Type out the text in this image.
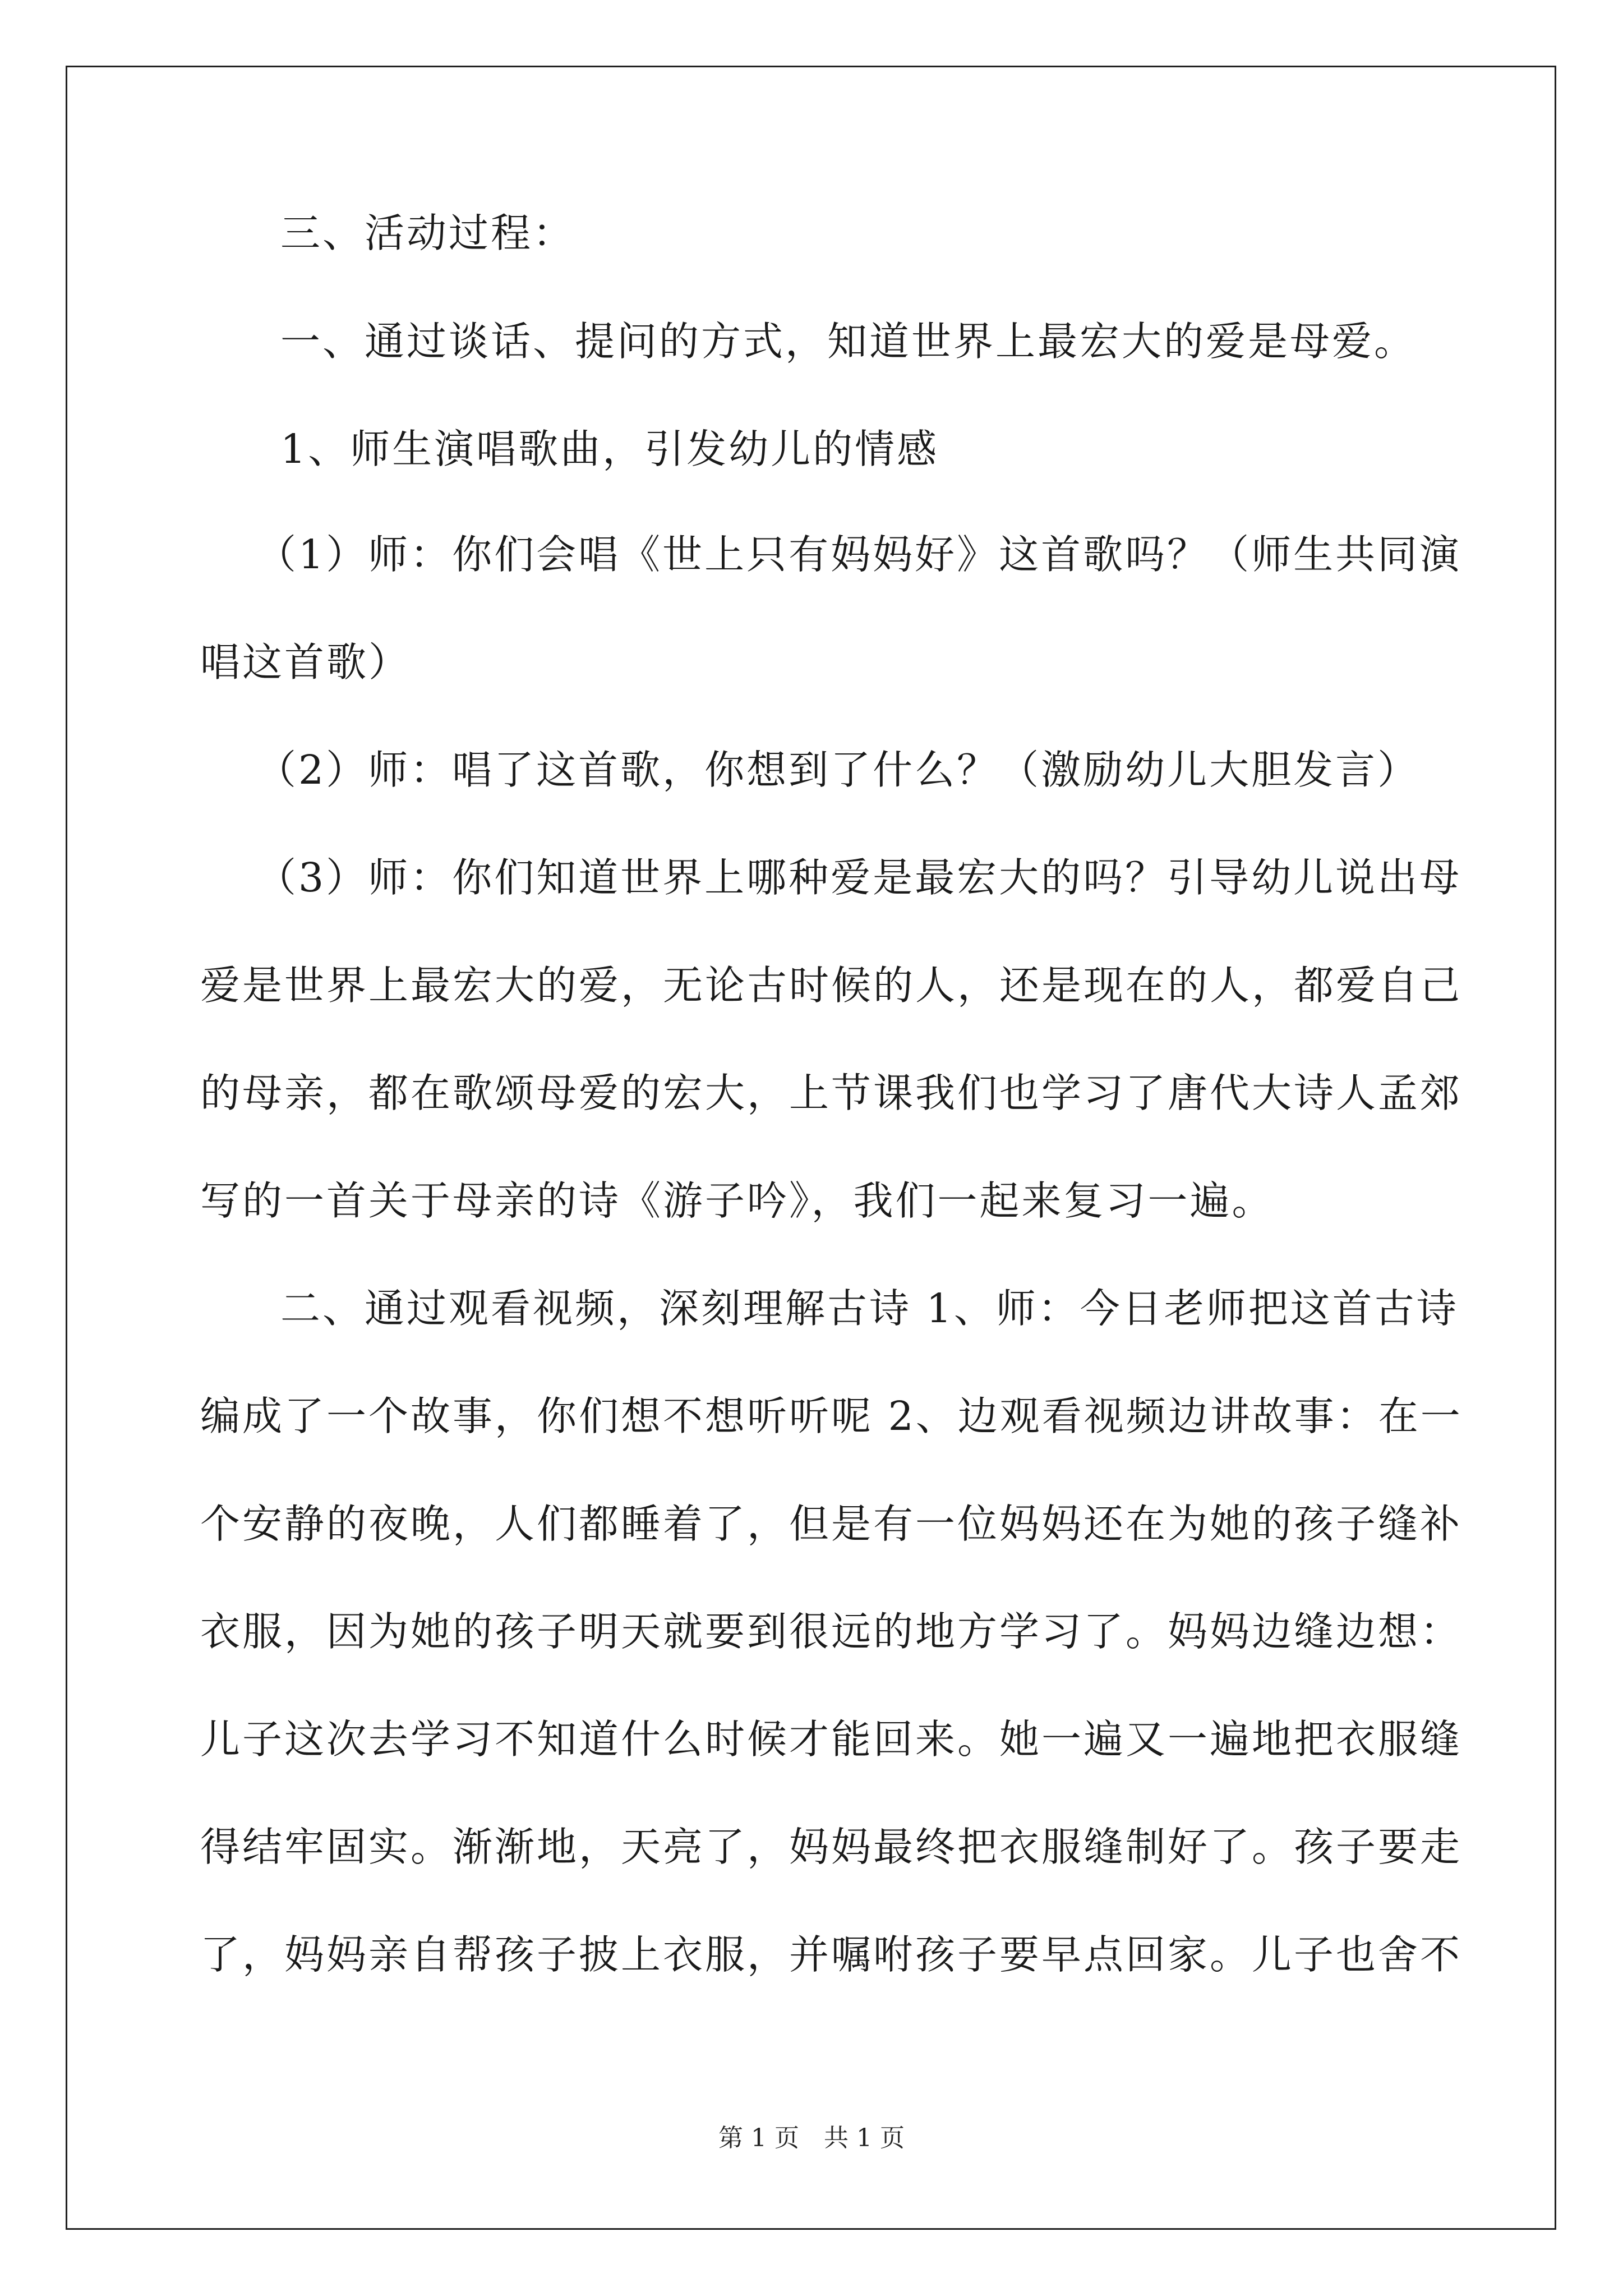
三、活动过程：
一、通过谈话、提问的方式，知道世界上最宏大的爱是母爱。
1、师生演唱歌曲，引发幼儿的情感
（1）师：你们会唱《世上只有妈妈好》这首歌吗？（师生共同演
唱这首歌）
（2）师：唱了这首歌，你想到了什么？（激励幼儿大胆发言）
（3）师：你们知道世界上哪种爱是最宏大的吗？引导幼儿说出母
爱是世界上最宏大的爱，无论古时候的人，还是现在的人，都爱自己
的母亲，都在歌颂母爱的宏大，上节课我们也学习了唐代大诗人孟郊
写的一首关于母亲的诗《游子吟》，我们一起来复习一遍。
二、通过观看视频，深刻理解古诗 1、师：今日老师把这首古诗
编成了一个故事，你们想不想听听呢 2、边观看视频边讲故事：在一
个安静的夜晚，人们都睡着了，但是有一位妈妈还在为她的孩子缝补
衣服，因为她的孩子明天就要到很远的地方学习了。妈妈边缝边想：
儿子这次去学习不知道什么时候才能回来。她一遍又一遍地把衣服缝
得结牢固实。渐渐地，天亮了，妈妈最终把衣服缝制好了。孩子要走
了，妈妈亲自帮孩子披上衣服，并嘱咐孩子要早点回家。儿子也舍不
第 1 页　共 1 页
